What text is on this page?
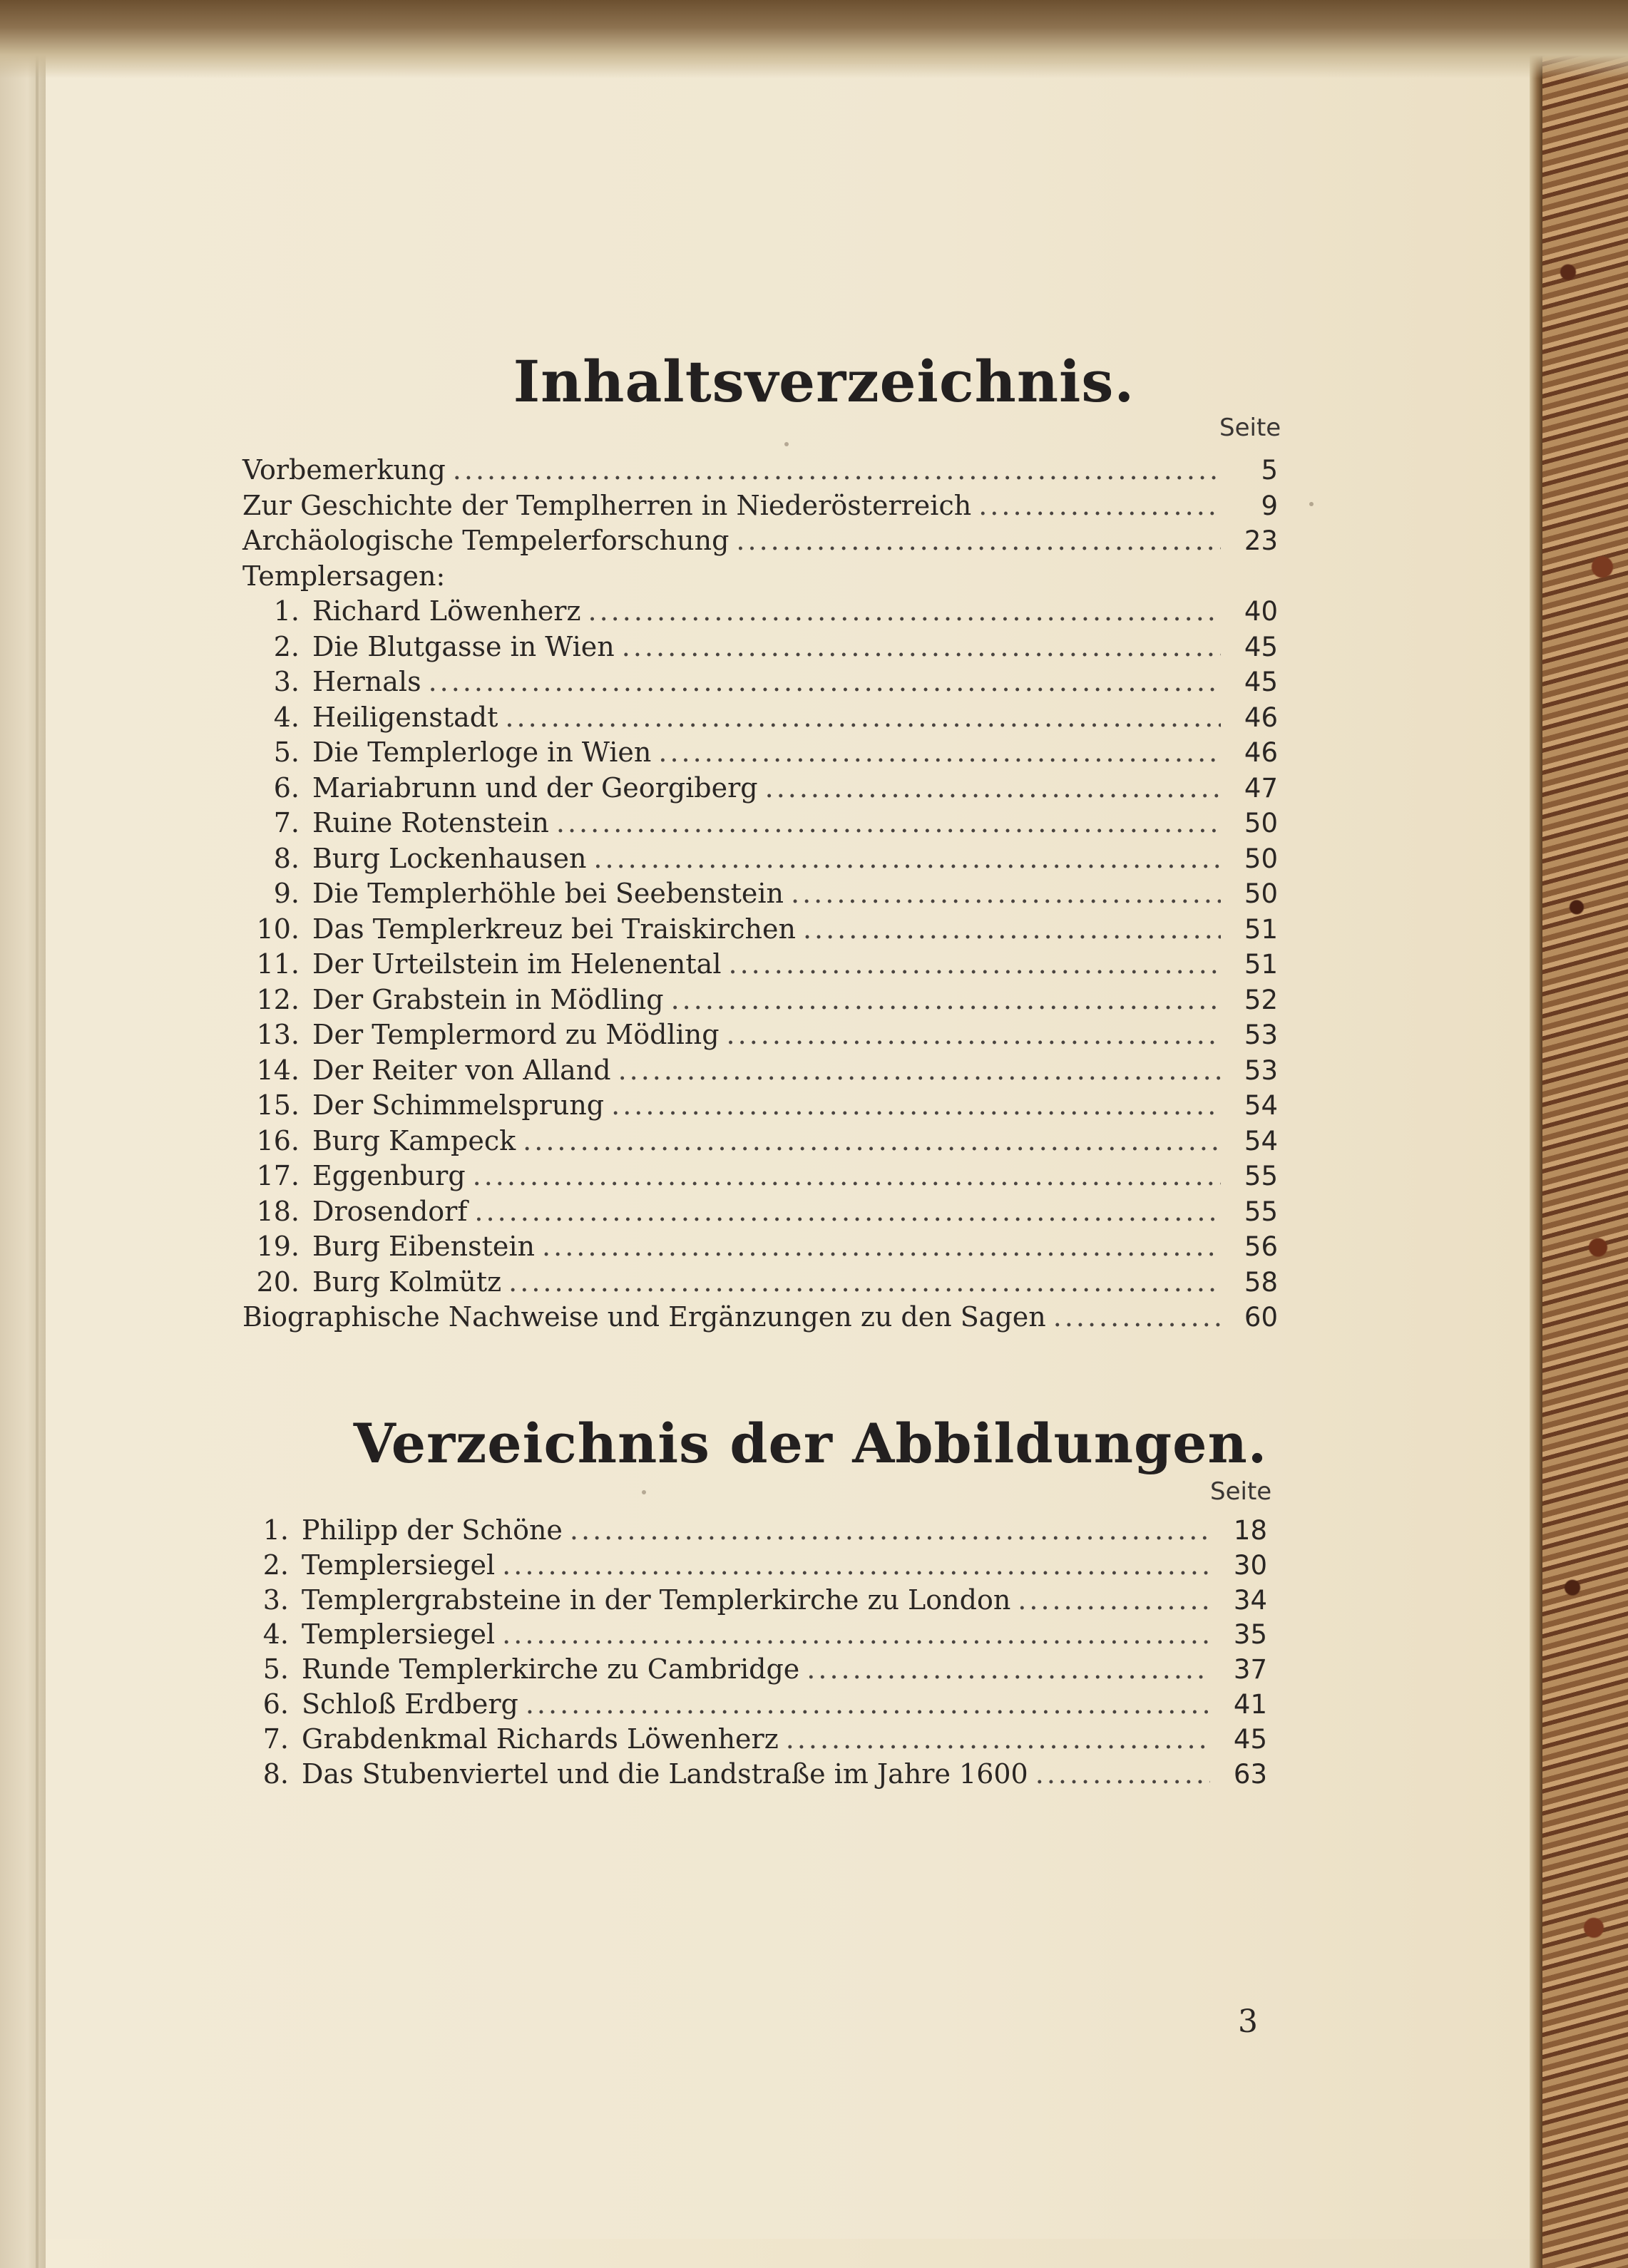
Inhaltsverzeichnis.
Seite
Vorbemerkung .....	5
Zur Geschichte der Templherren in Niederösterreich .....	9
Archäologische Tempelerforschung .....	23
Templersagen:
1. Richard Löwenherz .....	40
2. Die Blutgasse in Wien .....	45
3. Hernals .....	45
4. Heiligenstadt .....	46
5. Die Templerloge in Wien .....	46
6. Mariabrunn und der Georgiberg .....	47
7. Ruine Rotenstein .....	50
8. Burg Lockenhausen .....	50
9. Die Templerhöhle bei Seebenstein .....	50
10. Das Templerkreuz bei Traiskirchen .....	51
11. Der Urteilstein im Helenental .....	51
12. Der Grabstein in Mödling .....	52
13. Der Templermord zu Mödling .....	53
14. Der Reiter von Alland .....	53
15. Der Schimmelsprung .....	54
16. Burg Kampeck .....	54
17. Eggenburg .....	55
18. Drosendorf .....	55
19. Burg Eibenstein .....	56
20. Burg Kolmütz .....	58
Biographische Nachweise und Ergänzungen zu den Sagen .....	60
Verzeichnis der Abbildungen.
Seite
1. Philipp der Schöne .....	18
2. Templersiegel .....	30
3. Templergrabsteine in der Templerkirche zu London .....	34
4. Templersiegel .....	35
5. Runde Templerkirche zu Cambridge .....	37
6. Schloß Erdberg .....	41
7. Grabdenkmal Richards Löwenherz .....	45
8. Das Stubenviertel und die Landstraße im Jahre 1600 .....	63
3
